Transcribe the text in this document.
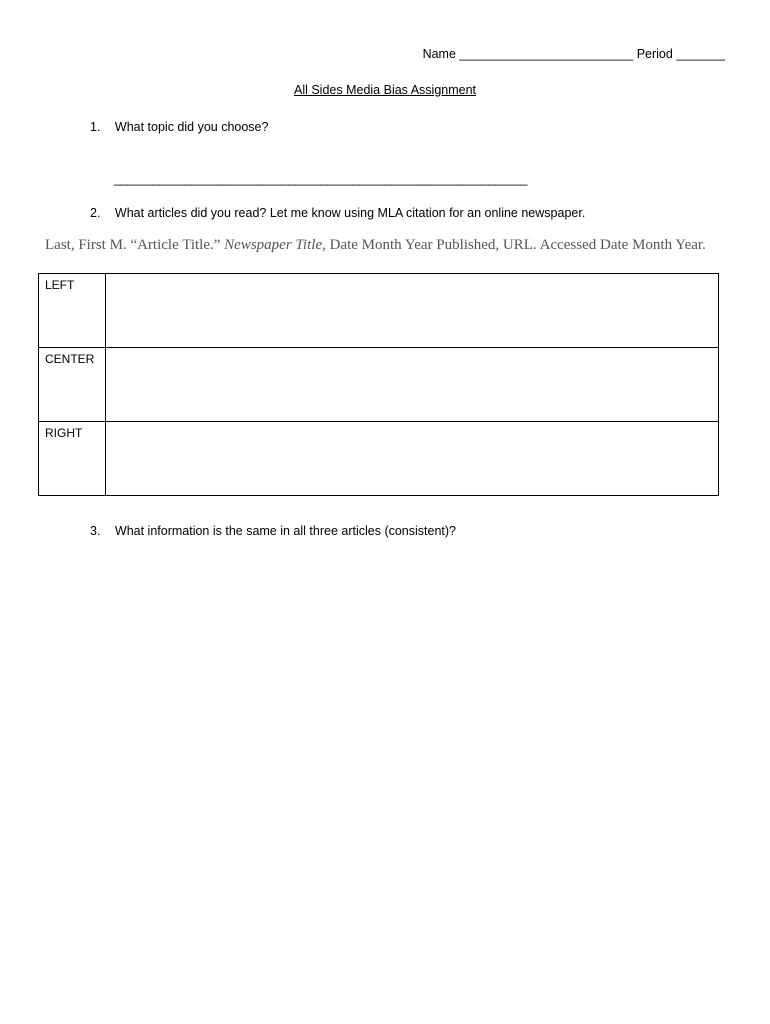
Name _________________________ Period _______
All Sides Media Bias Assignment
1. What topic did you choose?
________________________________________________________________
2. What articles did you read? Let me know using MLA citation for an online newspaper.
Last, First M. “Article Title.” Newspaper Title, Date Month Year Published, URL. Accessed Date Month Year.
LEFT	
CENTER	
RIGHT	
3. What information is the same in all three articles (consistent)?
